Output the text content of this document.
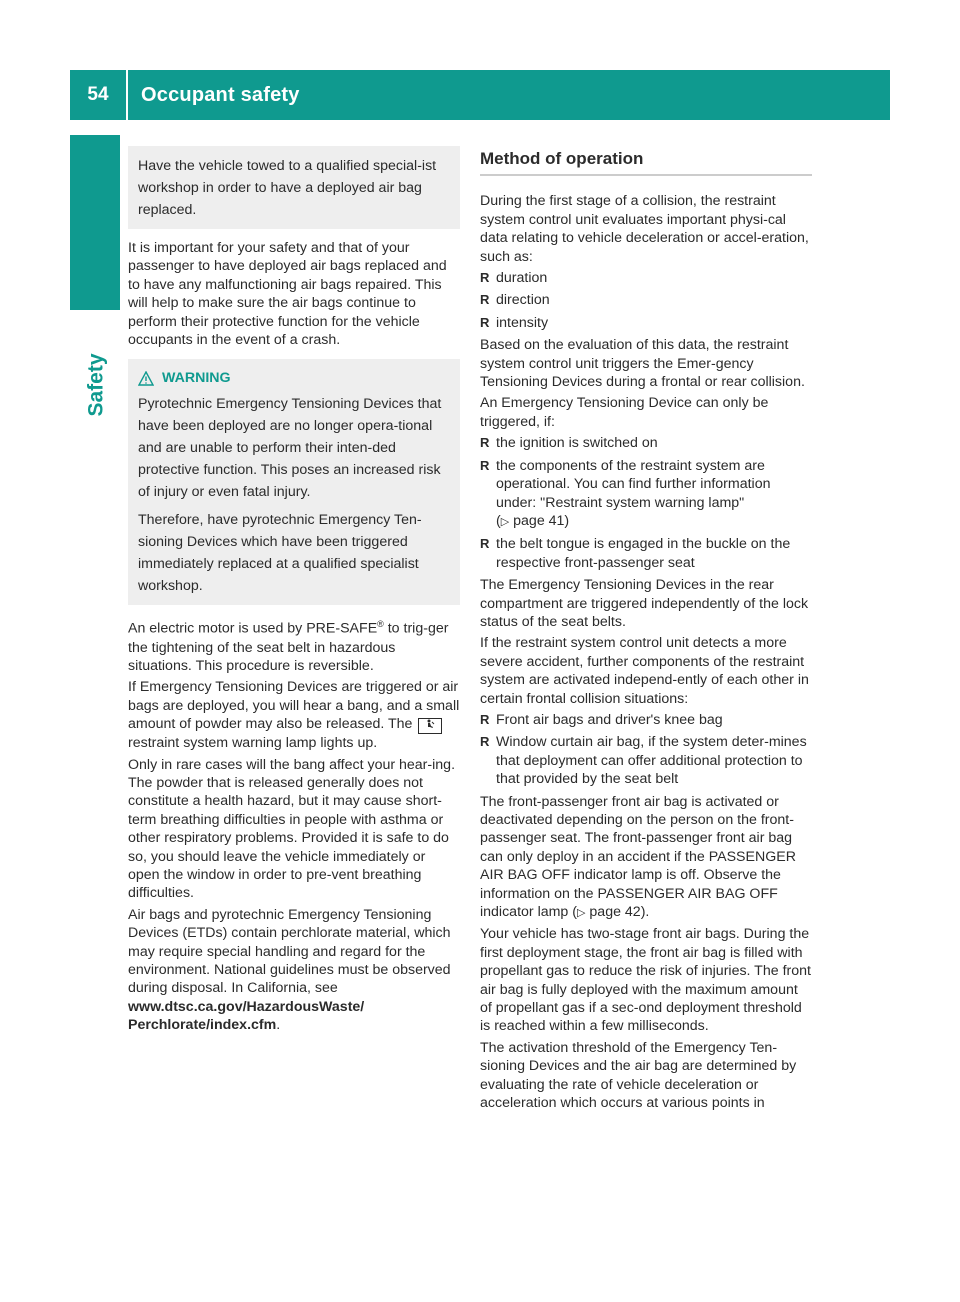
54	Occupant safety
Safety

Have the vehicle towed to a qualified special-ist workshop in order to have a deployed air bag replaced.

It is important for your safety and that of your passenger to have deployed air bags replaced and to have any malfunctioning air bags repaired. This will help to make sure the air bags continue to perform their protective function for the vehicle occupants in the event of a crash.

WARNING

Pyrotechnic Emergency Tensioning Devices that have been deployed are no longer opera-tional and are unable to perform their inten-ded protective function. This poses an increased risk of injury or even fatal injury.

Therefore, have pyrotechnic Emergency Ten-sioning Devices which have been triggered immediately replaced at a qualified specialist workshop.

An electric motor is used by PRE-SAFE® to trig-ger the tightening of the seat belt in hazardous situations. This procedure is reversible.

If Emergency Tensioning Devices are triggered or air bags are deployed, you will hear a bang, and a small amount of powder may also be released. The  restraint system warning lamp lights up.

Only in rare cases will the bang affect your hear-ing. The powder that is released generally does not constitute a health hazard, but it may cause short-term breathing difficulties in people with asthma or other respiratory problems. Provided it is safe to do so, you should leave the vehicle immediately or open the window in order to pre-vent breathing difficulties.

Air bags and pyrotechnic Emergency Tensioning Devices (ETDs) contain perchlorate material, which may require special handling and regard for the environment. National guidelines must be observed during disposal. In California, see www.dtsc.ca.gov/HazardousWaste/ Perchlorate/index.cfm.

Method of operation

During the first stage of a collision, the restraint system control unit evaluates important physi-cal data relating to vehicle deceleration or accel-eration, such as:

R duration
R direction
R intensity

Based on the evaluation of this data, the restraint system control unit triggers the Emer-gency Tensioning Devices during a frontal or rear collision.

An Emergency Tensioning Device can only be triggered, if:

R the ignition is switched on
R the components of the restraint system are operational. You can find further information under: "Restraint system warning lamp"
(▷ page 41)
R the belt tongue is engaged in the buckle on the respective front-passenger seat

The Emergency Tensioning Devices in the rear compartment are triggered independently of the lock status of the seat belts.

If the restraint system control unit detects a more severe accident, further components of the restraint system are activated independ-ently of each other in certain frontal collision situations:

R Front air bags and driver's knee bag
R Window curtain air bag, if the system deter-mines that deployment can offer additional protection to that provided by the seat belt

The front-passenger front air bag is activated or deactivated depending on the person on the front-passenger seat. The front-passenger front air bag can only deploy in an accident if the PASSENGER AIR BAG OFF indicator lamp is off. Observe the information on the PASSENGER AIR BAG OFF indicator lamp (▷ page 42).

Your vehicle has two-stage front air bags. During the first deployment stage, the front air bag is filled with propellant gas to reduce the risk of injuries. The front air bag is fully deployed with the maximum amount of propellant gas if a sec-ond deployment threshold is reached within a few milliseconds.

The activation threshold of the Emergency Ten-sioning Devices and the air bag are determined by evaluating the rate of vehicle deceleration or acceleration which occurs at various points in
